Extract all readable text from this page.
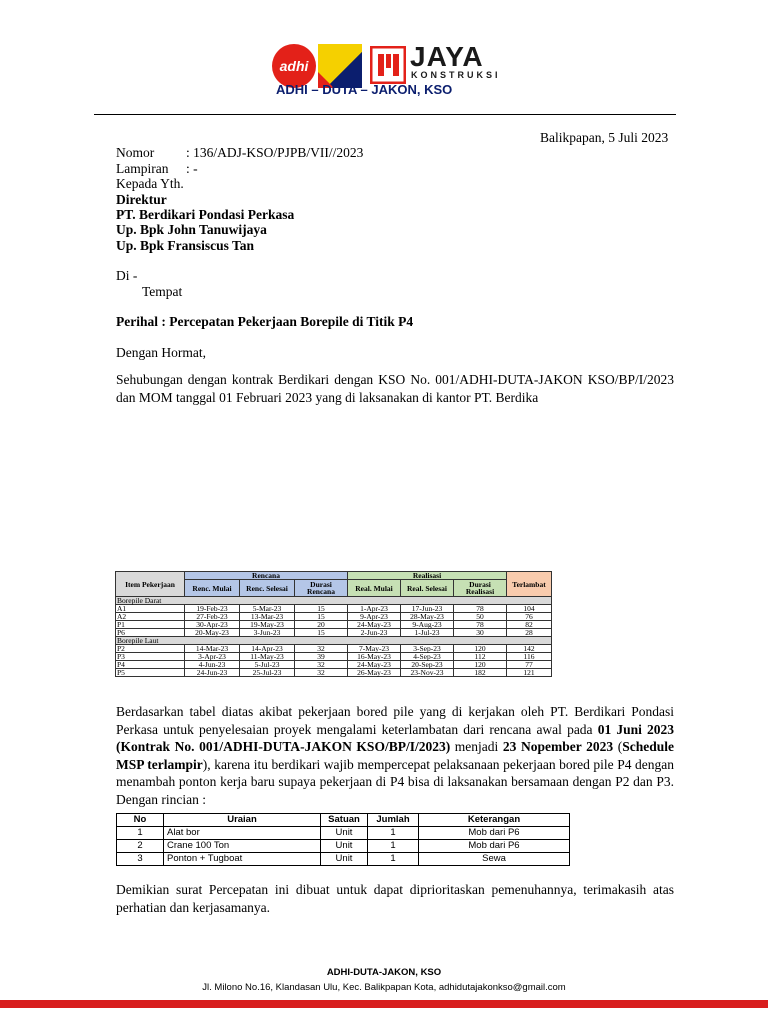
adhi	JAYA
KONSTRUKSI
ADHI – DUTA – JAKON, KSO
Balikpapan, 5 Juli 2023
Nomor : 136/ADJ-KSO/PJPB/VII//2023
Lampiran : -
Kepada Yth.
Direktur
PT. Berdikari Pondasi Perkasa
Up. Bpk John Tanuwijaya
Up. Bpk Fransiscus Tan
Di -
Tempat
Perihal : Percepatan Pekerjaan Borepile di Titik P4
Dengan Hormat,
Sehubungan dengan kontrak Berdikari dengan KSO No. 001/ADHI-DUTA-JAKON KSO/BP/I/2023 dan MOM tanggal 01 Februari 2023 yang di laksanakan di kantor PT. Berdika
Item Pekerjaan	Rencana			Realisasi			Terlambat
	Renc. Mulai	Renc. Selesai	Durasi Rencana	Real. Mulai	Real. Selesai	Durasi Realisasi	
Borepile Darat							
A1	19-Feb-23	5-Mar-23	15	1-Apr-23	17-Jun-23	78	104
A2	27-Feb-23	13-Mar-23	15	9-Apr-23	28-May-23	50	76
P1	30-Apr-23	19-May-23	20	24-May-23	9-Aug-23	78	82
P6	20-May-23	3-Jun-23	15	2-Jun-23	1-Jul-23	30	28
Borepile Laut							
P2	14-Mar-23	14-Apr-23	32	7-May-23	3-Sep-23	120	142
P3	3-Apr-23	11-May-23	39	16-May-23	4-Sep-23	112	116
P4	4-Jun-23	5-Jul-23	32	24-May-23	20-Sep-23	120	77
P5	24-Jun-23	25-Jul-23	32	26-May-23	23-Nov-23	182	121
Berdasarkan tabel diatas akibat pekerjaan bored pile yang di kerjakan oleh PT. Berdikari Pondasi Perkasa untuk penyelesaian proyek mengalami keterlambatan dari rencana awal pada 01 Juni 2023 (Kontrak No. 001/ADHI-DUTA-JAKON KSO/BP/I/2023) menjadi 23 Nopember 2023 (Schedule MSP terlampir), karena itu berdikari wajib mempercepat pelaksanaan pekerjaan bored pile P4 dengan menambah ponton kerja baru supaya pekerjaan di P4 bisa di laksanakan bersamaan dengan P2 dan P3. Dengan rincian :
No	Uraian	Satuan	Jumlah	Keterangan
1	Alat bor	Unit	1	Mob dari P6
2	Crane 100 Ton	Unit	1	Mob dari P6
3	Ponton + Tugboat	Unit	1	Sewa
Demikian surat Percepatan ini dibuat untuk dapat diprioritaskan pemenuhannya, terimakasih atas perhatian dan kerjasamanya.
ADHI-DUTA-JAKON, KSO
Jl. Milono No.16, Klandasan Ulu, Kec. Balikpapan Kota, adhidutajakonkso@gmail.com
